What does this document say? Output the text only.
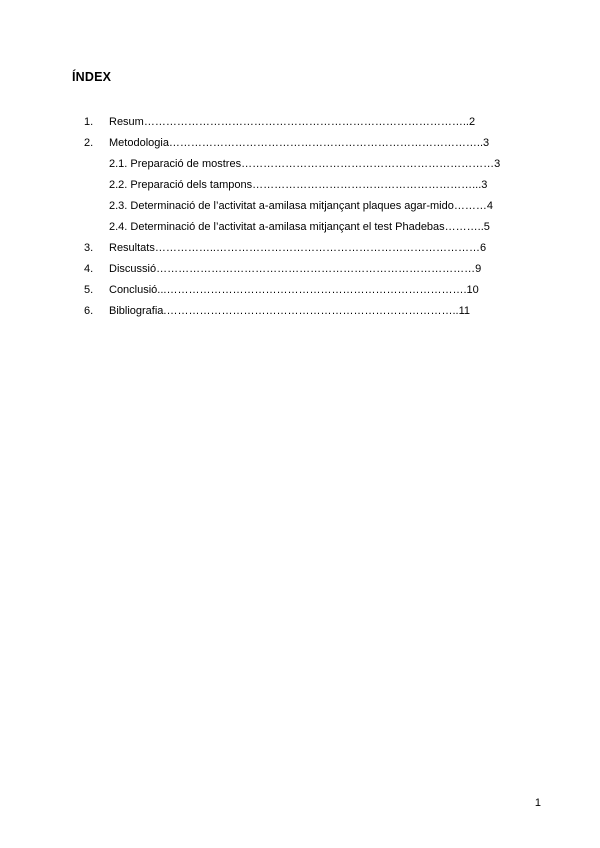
ÍNDEX
1. Resum……………………………………………………………………………..2
2. Metodologia…………………………………………………………………………..3
2.1. Preparació de mostres……………………………………………………………3
2.2. Preparació dels tampons……………………………………………………...3
2.3. Determinació de l’activitat a-amilasa mitjançant plaques agar-mido………4
2.4. Determinació de l’activitat a-amilasa mitjançant el test Phadebas………..5
3. Resultats……………..………………………………………………………………6
4. Discussió……………………………………………………………………………9
5. Conclusió...……………………………………………………………………….10
6. Bibliografia.……………………………………………………………………..11
1
